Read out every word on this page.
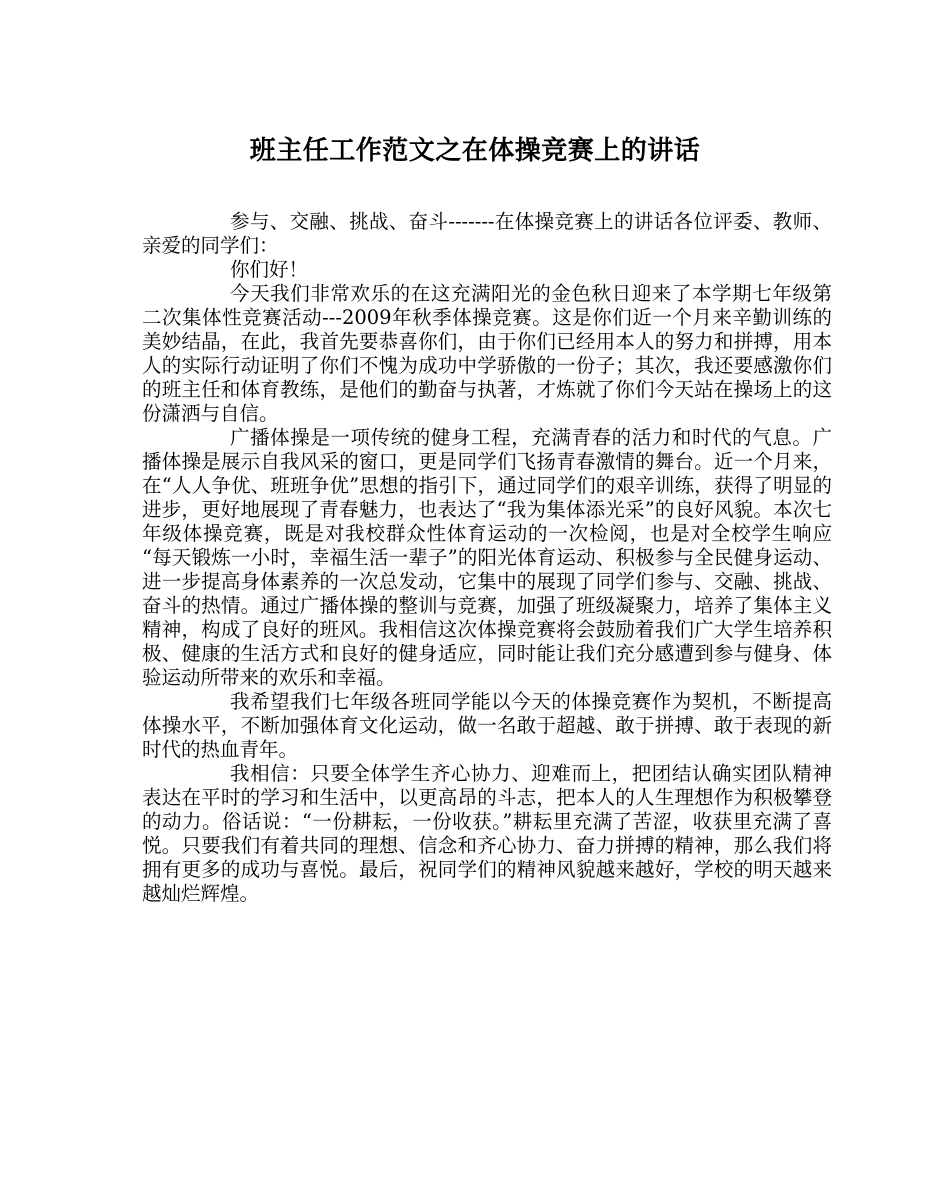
班主任工作范文之在体操竞赛上的讲话

参与、交融、挑战、奋斗-------在体操竞赛上的讲话各位评委、教师、亲爱的同学们：

你们好！

今天我们非常欢乐的在这充满阳光的金色秋日迎来了本学期七年级第二次集体性竞赛活动---2009年秋季体操竞赛。这是你们近一个月来辛勤训练的美妙结晶，在此，我首先要恭喜你们，由于你们已经用本人的努力和拼搏，用本人的实际行动证明了你们不愧为成功中学骄傲的一份子；其次，我还要感激你们的班主任和体育教练，是他们的勤奋与执著，才炼就了你们今天站在操场上的这份潇洒与自信。

广播体操是一项传统的健身工程，充满青春的活力和时代的气息。广播体操是展示自我风采的窗口，更是同学们飞扬青春激情的舞台。近一个月来，在“人人争优、班班争优”思想的指引下，通过同学们的艰辛训练，获得了明显的进步，更好地展现了青春魅力，也表达了“我为集体添光采”的良好风貌。本次七年级体操竞赛，既是对我校群众性体育运动的一次检阅，也是对全校学生响应 “每天锻炼一小时，幸福生活一辈子”的阳光体育运动、积极参与全民健身运动、进一步提高身体素养的一次总发动，它集中的展现了同学们参与、交融、挑战、奋斗的热情。通过广播体操的整训与竞赛，加强了班级凝聚力，培养了集体主义精神，构成了良好的班风。我相信这次体操竞赛将会鼓励着我们广大学生培养积极、健康的生活方式和良好的健身适应，同时能让我们充分感遭到参与健身、体验运动所带来的欢乐和幸福。

我希望我们七年级各班同学能以今天的体操竞赛作为契机，不断提高体操水平，不断加强体育文化运动，做一名敢于超越、敢于拼搏、敢于表现的新时代的热血青年。

我相信：只要全体学生齐心协力、迎难而上，把团结认确实团队精神表达在平时的学习和生活中，以更高昂的斗志，把本人的人生理想作为积极攀登的动力。俗话说：“一份耕耘，一份收获。”耕耘里充满了苦涩，收获里充满了喜悦。只要我们有着共同的理想、信念和齐心协力、奋力拼搏的精神，那么我们将拥有更多的成功与喜悦。最后，祝同学们的精神风貌越来越好，学校的明天越来越灿烂辉煌。
